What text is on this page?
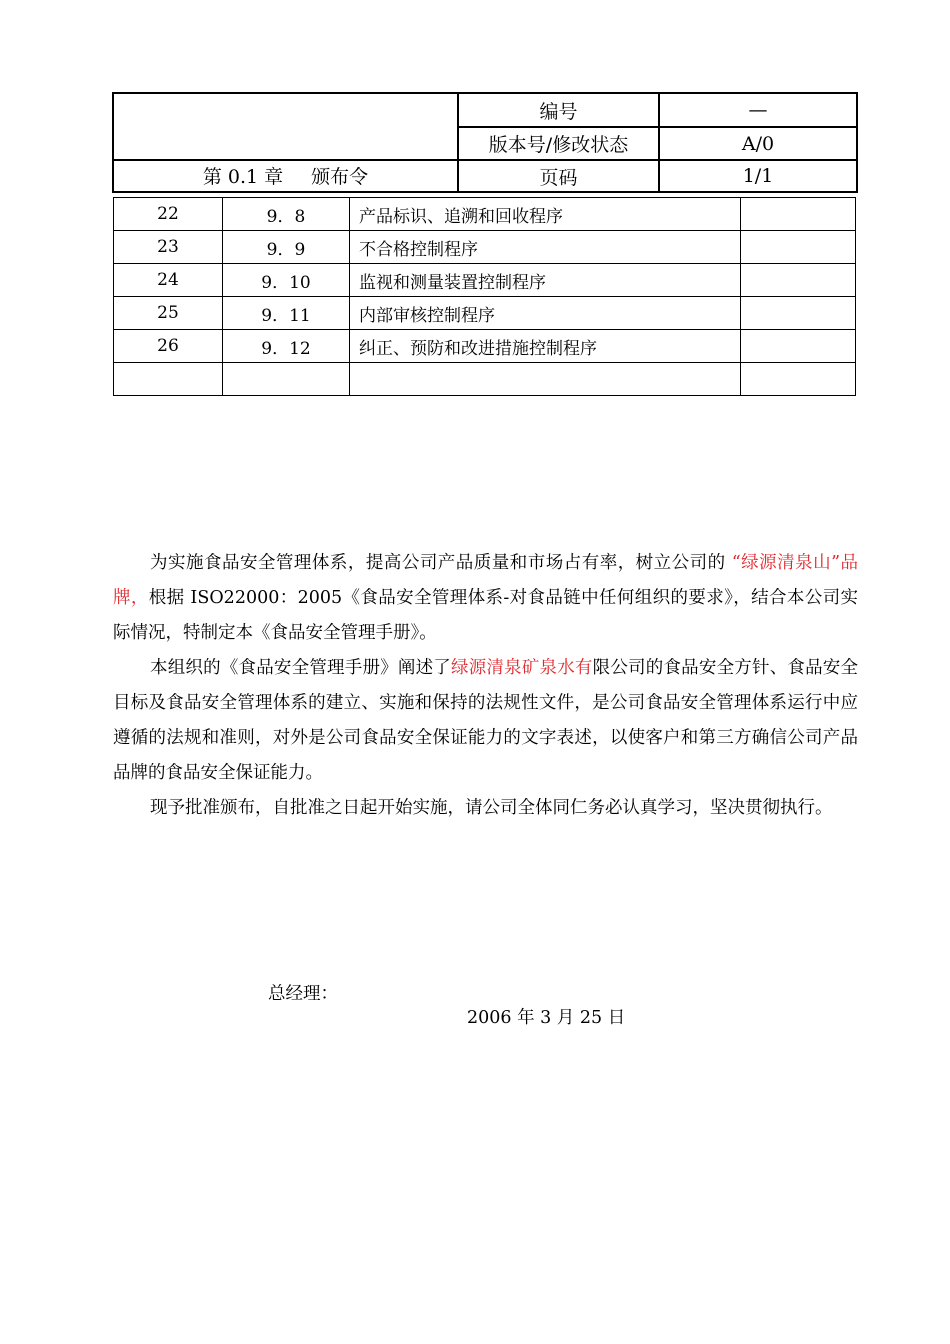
编号	—
版本号/修改状态	A/0
页码	1/1
第 0.1 章 颁布令
22	9．8	产品标识、追溯和回收程序	
23	9．9	不合格控制程序	
24	9．10	监视和测量装置控制程序	
25	9．11	内部审核控制程序	
26	9．12	纠正、预防和改进措施控制程序	

为实施食品安全管理体系，提高公司产品质量和市场占有率，树立公司的 “绿源清泉山”品牌，根据 ISO22000：2005《食品安全管理体系-对食品链中任何组织的要求》，结合本公司实际情况，特制定本《食品安全管理手册》。

本组织的《食品安全管理手册》阐述了绿源清泉矿泉水有限公司的食品安全方针、食品安全目标及食品安全管理体系的建立、实施和保持的法规性文件，是公司食品安全管理体系运行中应遵循的法规和准则，对外是公司食品安全保证能力的文字表述，以使客户和第三方确信公司产品品牌的食品安全保证能力。

现予批准颁布，自批准之日起开始实施，请公司全体同仁务必认真学习，坚决贯彻执行。

总经理：
2006 年 3 月 25 日
